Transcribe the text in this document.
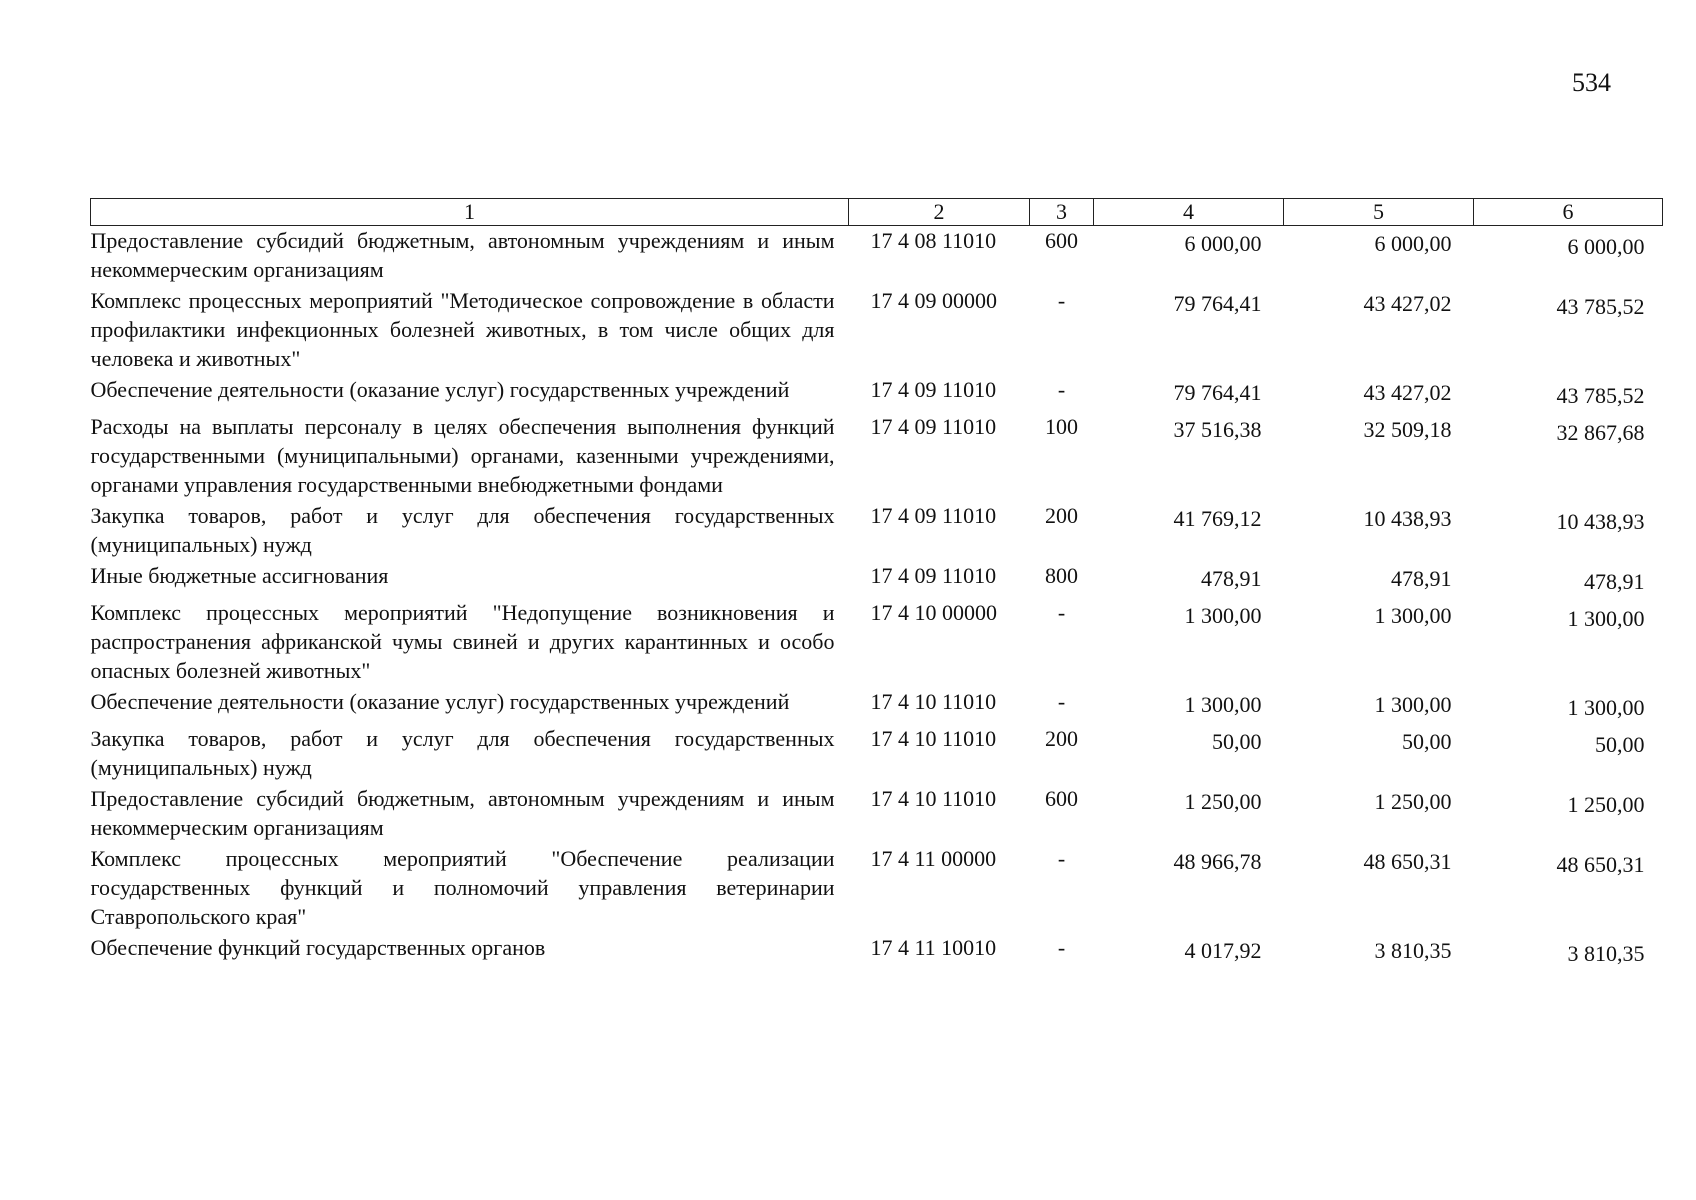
534
1	2	3	4	5	6
Предоставление субсидий бюджетным, автономным учреждениям и иным некоммерческим организациям	17 4 08 11010	600	6 000,00	6 000,00	6 000,00
Комплекс процессных мероприятий "Методическое сопровождение в области профилактики инфекционных болезней животных, в том числе общих для человека и животных"	17 4 09 00000	-	79 764,41	43 427,02	43 785,52
Обеспечение деятельности (оказание услуг) государственных учреждений	17 4 09 11010	-	79 764,41	43 427,02	43 785,52
Расходы на выплаты персоналу в целях обеспечения выполнения функций государственными (муниципальными) органами, казенными учреждениями, органами управления государственными внебюджетными фондами	17 4 09 11010	100	37 516,38	32 509,18	32 867,68
Закупка товаров, работ и услуг для обеспечения государственных (муниципальных) нужд	17 4 09 11010	200	41 769,12	10 438,93	10 438,93
Иные бюджетные ассигнования	17 4 09 11010	800	478,91	478,91	478,91
Комплекс процессных мероприятий "Недопущение возникновения и распространения африканской чумы свиней и других карантинных и особо опасных болезней животных"	17 4 10 00000	-	1 300,00	1 300,00	1 300,00
Обеспечение деятельности (оказание услуг) государственных учреждений	17 4 10 11010	-	1 300,00	1 300,00	1 300,00
Закупка товаров, работ и услуг для обеспечения государственных (муниципальных) нужд	17 4 10 11010	200	50,00	50,00	50,00
Предоставление субсидий бюджетным, автономным учреждениям и иным некоммерческим организациям	17 4 10 11010	600	1 250,00	1 250,00	1 250,00
Комплекс процессных мероприятий "Обеспечение реализации государственных функций и полномочий управления ветеринарии Ставропольского края"	17 4 11 00000	-	48 966,78	48 650,31	48 650,31
Обеспечение функций государственных органов	17 4 11 10010	-	4 017,92	3 810,35	3 810,35
